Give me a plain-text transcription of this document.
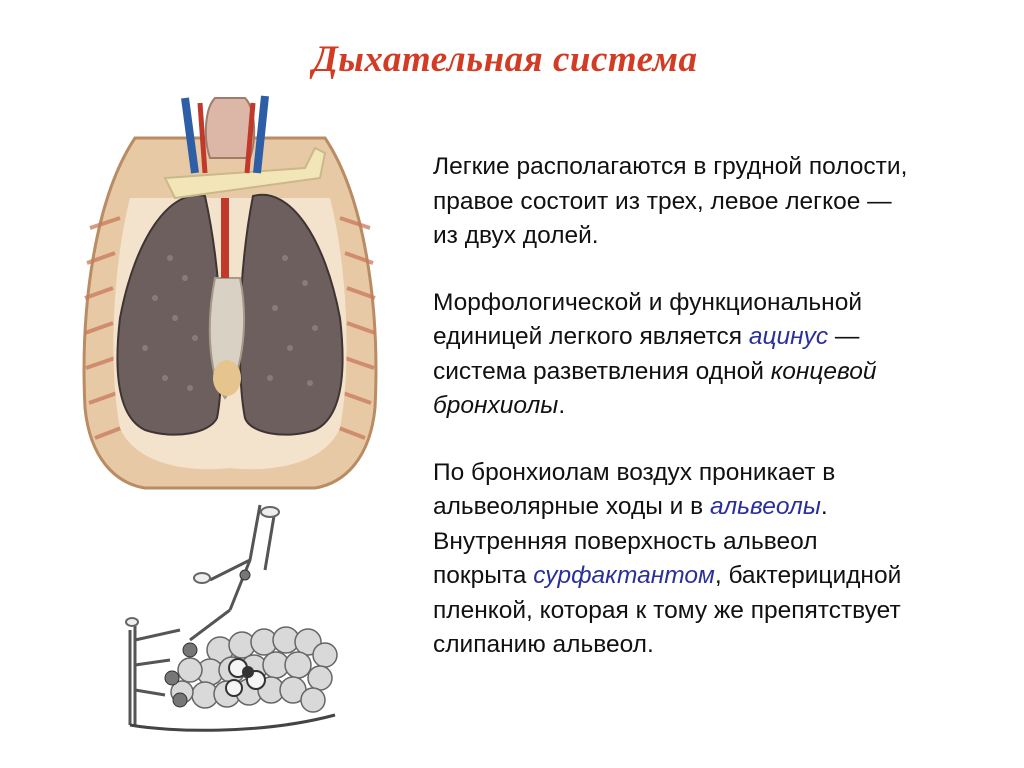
Дыхательная система
Легкие располагаются в грудной полости,
правое состоит из трех, левое легкое —
из двух долей.
Морфологической и функциональной
единицей легкого является ацинус —
система разветвления одной концевой
бронхиолы.
По бронхиолам воздух проникает в
альвеолярные ходы и в альвеолы.
Внутренняя поверхность альвеол
покрыта сурфактантом, бактерицидной
пленкой, которая к тому же препятствует
слипанию альвеол.
